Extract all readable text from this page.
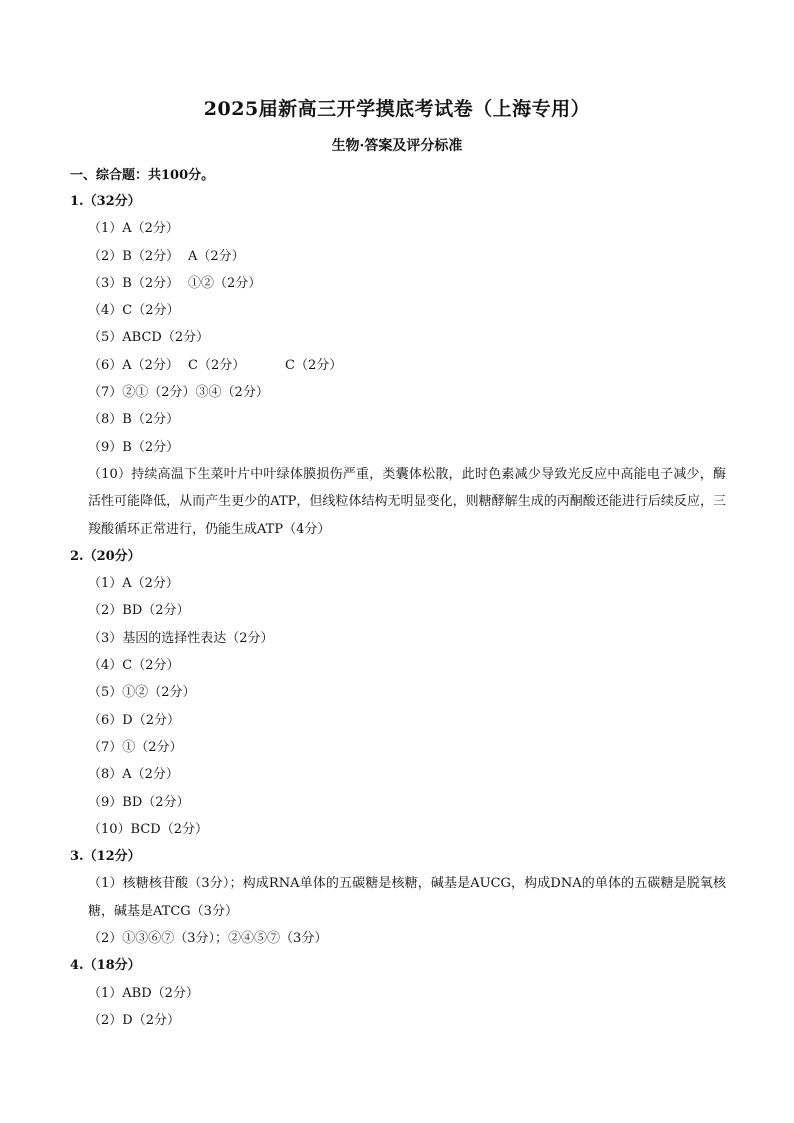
2025届新高三开学摸底考试卷（上海专用）
生物·答案及评分标准
一、综合题：共100分。
1.（32分）
（1）A（2分）
（2）B（2分） A（2分）
（3）B（2分） ①②（2分）
（4）C（2分）
（5）ABCD（2分）
（6）A（2分） C（2分）	C（2分）
（7）②①（2分）③④（2分）
（8）B（2分）
（9）B（2分）
（10）持续高温下生菜叶片中叶绿体膜损伤严重，类囊体松散，此时色素减少导致光反应中高能电子减少，酶活性可能降低，从而产生更少的ATP，但线粒体结构无明显变化，则糖酵解生成的丙酮酸还能进行后续反应，三羧酸循环正常进行，仍能生成ATP（4分）
2.（20分）
（1）A（2分）
（2）BD（2分）
（3）基因的选择性表达（2分）
（4）C（2分）
（5）①②（2分）
（6）D（2分）
（7）①（2分）
（8）A（2分）
（9）BD（2分）
（10）BCD（2分）
3.（12分）
（1）核糖核苷酸（3分）；构成RNA单体的五碳糖是核糖，碱基是AUCG，构成DNA的单体的五碳糖是脱氧核糖，碱基是ATCG（3分）
（2）①③⑥⑦（3分）；②④⑤⑦（3分）
4.（18分）
（1）ABD（2分）
（2）D（2分）
